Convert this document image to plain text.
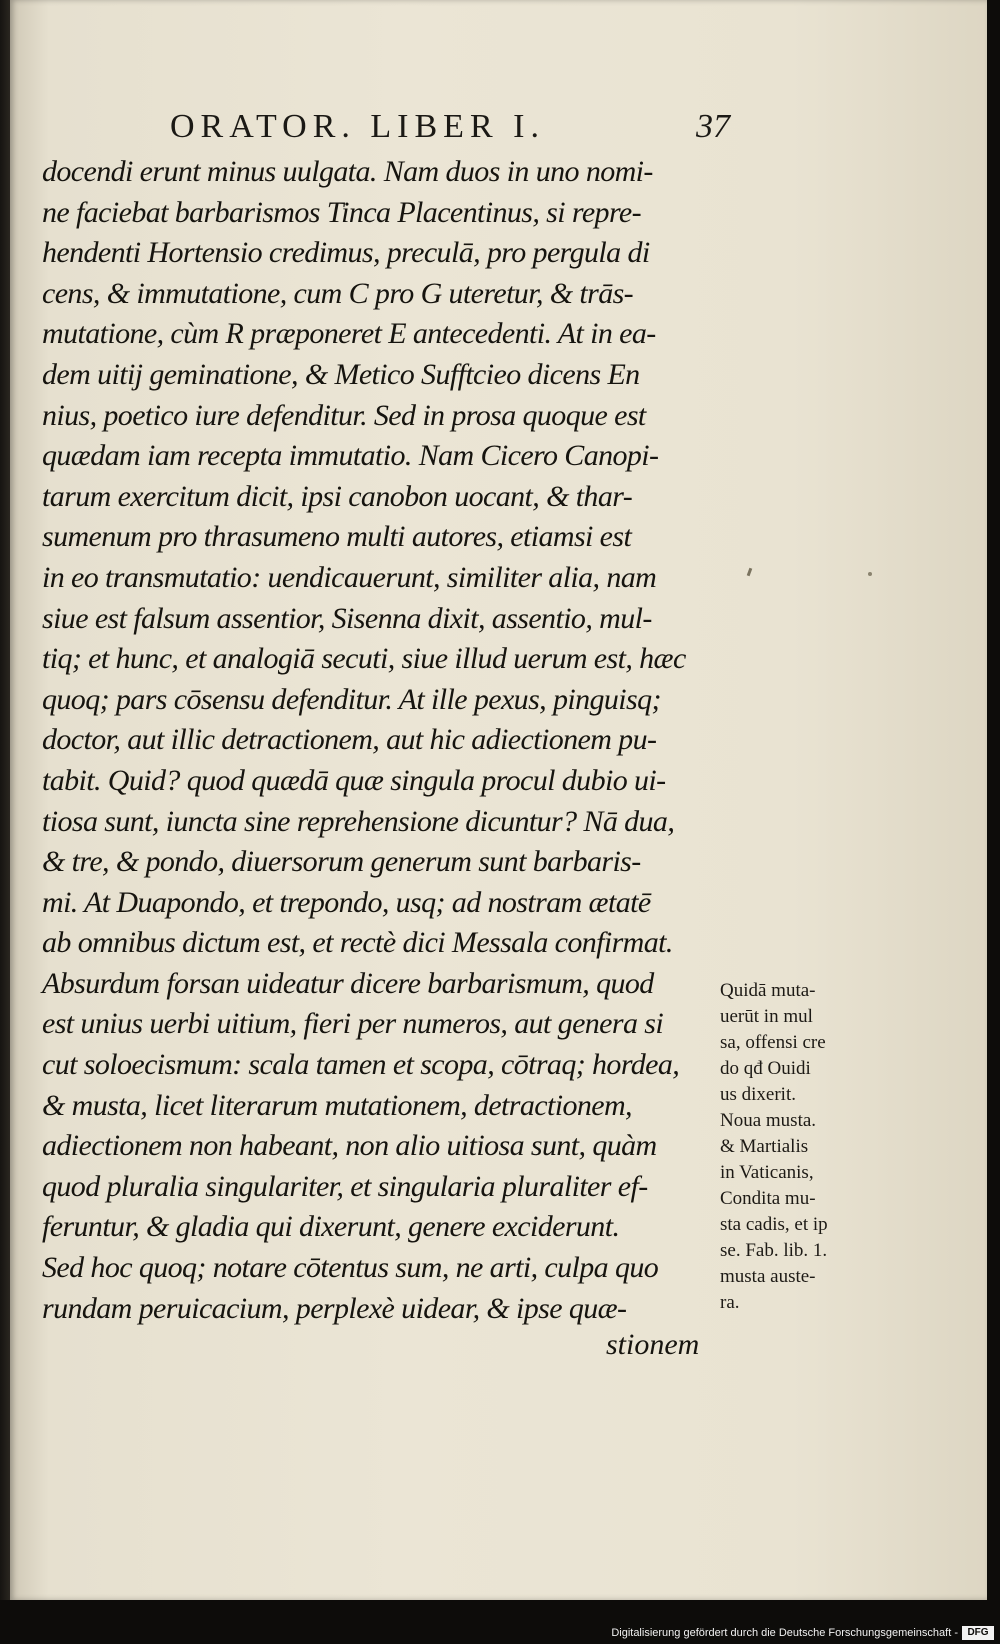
ORATOR. LIBER I.	37
docendi erunt minus uulgata. Nam duos in uno nomi-
ne faciebat barbarismos Tinca Placentinus, si repre-
hendenti Hortensio credimus, preculā, pro pergula di
cens, & immutatione, cum C pro G uteretur, & trās-
mutatione, cùm R præponeret E antecedenti. At in ea-
dem uitij geminatione, & Metico Sufftcieo dicens En
nius, poetico iure defenditur. Sed in prosa quoque est
quædam iam recepta immutatio. Nam Cicero Canopi-
tarum exercitum dicit, ipsi canobon uocant, & thar-
sumenum pro thrasumeno multi autores, etiamsi est
in eo transmutatio: uendicauerunt, similiter alia, nam
siue est falsum assentior, Sisenna dixit, assentio, mul-
tiq; et hunc, et analogiā secuti, siue illud uerum est, hæc
quoq; pars cōsensu defenditur. At ille pexus, pinguisq;
doctor, aut illic detractionem, aut hic adiectionem pu-
tabit. Quid? quod quædā quæ singula procul dubio ui-
tiosa sunt, iuncta sine reprehensione dicuntur? Nā dua,
& tre, & pondo, diuersorum generum sunt barbaris-
mi. At Duapondo, et trepondo, usq; ad nostram ætatē
ab omnibus dictum est, et rectè dici Messala confirmat.
Absurdum forsan uideatur dicere barbarismum, quod
est unius uerbi uitium, fieri per numeros, aut genera si
cut soloecismum: scala tamen et scopa, cōtraq; hordea,
& musta, licet literarum mutationem, detractionem,
adiectionem non habeant, non alio uitiosa sunt, quàm
quod pluralia singulariter, et singularia pluraliter ef-
feruntur, & gladia qui dixerunt, genere exciderunt.
Sed hoc quoq; notare cōtentus sum, ne arti, culpa quo
rundam peruicacium, perplexè uidear, & ipse quæ-
stionem
Quidā muta-
uerūt in mul
sa, offensi cre
do qđ Ouidi
us dixerit.
Noua musta.
& Martialis
in Vaticanis,
Condita mu-
sta cadis, et ip
se. Fab. lib. 1.
musta auste-
ra.
Digitalisierung gefördert durch die Deutsche Forschungsgemeinschaft - DFG
